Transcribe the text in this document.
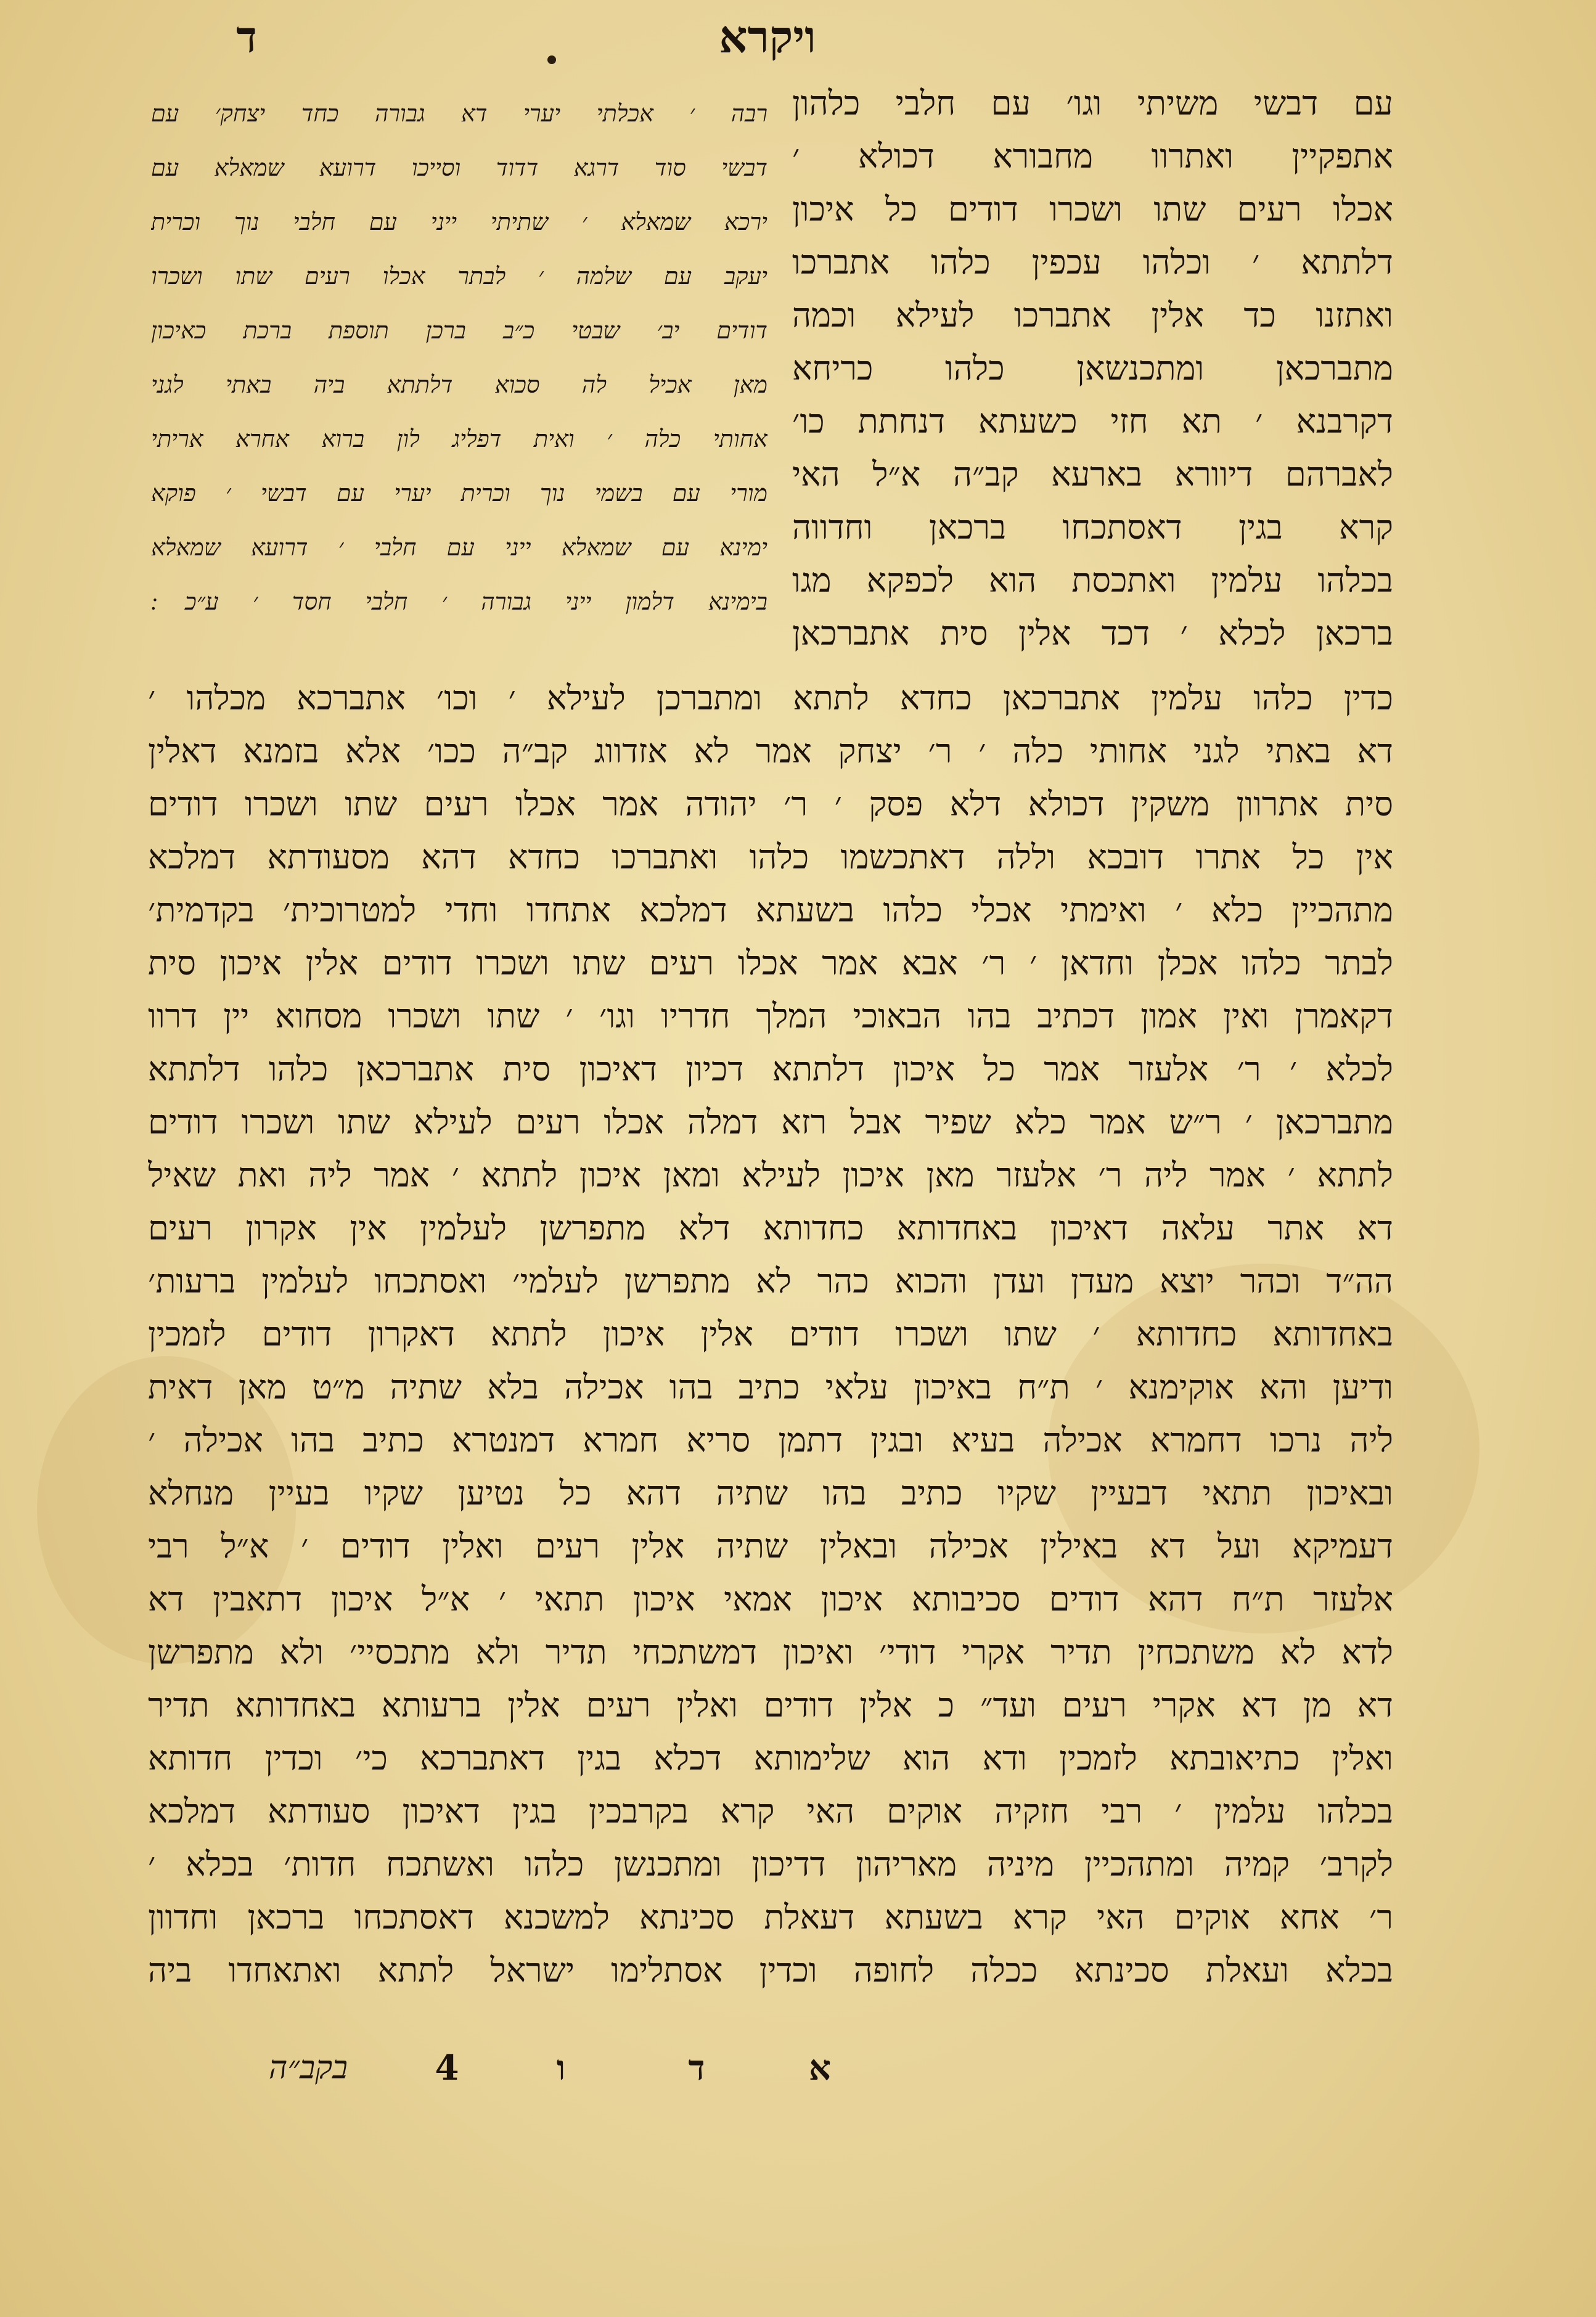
ד	ויקרא
עם דבשי משיתי וגו׳ עם חלבי כלהון
אתפקיין ואתרוו מחבורא דכולא ׳
אכלו רעים שתו ושכרו דודים כל איכון
דלתתא ׳ וכלהו עכפין כלהו אתברכו
ואתזנו כד אלין אתברכו לעילא וכמה
מתברכאן ומתכנשאן כלהו כריחא
דקרבנא ׳ תא חזי כשעתא דנחתת כו׳
לאברהם דיוורא בארעא קב״ה א״ל האי
קרא בגין דאסתכחו ברכאן וחדווה
בכלהו עלמין ואתכסת הוא לכפקא מגו
ברכאן לכלא ׳ דכד אלין סית אתברכאן
רבה ׳ אכלתי יערי דא גבורה כחד יצחק׳ עם
דבשי סוד דרגא דדוד וסייכו דרועא שמאלא עם
ירכא שמאלא ׳ שתיתי ייני עם חלבי נוך וכרית
יעקב עם שלמה ׳ לבתר אכלו רעים שתו ושכרו
דודים יב׳ שבטי כ״ב ברכן תוספת ברכת כאיכון
מאן אכיל לה סכוא דלתתא ביה באתי לגני
אחותי כלה ׳ ואית דפליג לון ברוא אחרא אריתי
מורי עם בשמי נוך וכרית יערי עם דבשי ׳ פוקא
ימינא עם שמאלא ייני עם חלבי ׳ דרועא שמאלא
בימינא דלמון ייני גבורה ׳ חלבי חסד ׳ ע״כ ׃
כדין כלהו עלמין אתברכאן כחדא לתתא ומתברכן לעילא ׳ וכו׳ אתברכא מכלהו ׳
דא באתי לגני אחותי כלה ׳ ר׳ יצחק אמר לא אזדווג קב״ה ככו׳ אלא בזמנא דאלין
סית אתרוון משקין דכולא דלא פסק ׳ ר׳ יהודה אמר אכלו רעים שתו ושכרו דודים
אין כל אתרו דובכא וללה דאתכשמו כלהו ואתברכו כחדא דהא מסעודתא דמלכא
מתהכיין כלא ׳ ואימתי אכלי כלהו בשעתא דמלכא אתחדו וחדי למטרוכית׳ בקדמית׳
לבתר כלהו אכלן וחדאן ׳ ר׳ אבא אמר אכלו רעים שתו ושכרו דודים אלין איכון סית
דקאמרן ואין אמון דכתיב בהו הבאוכי המלך חדריו וגו׳ ׳ שתו ושכרו מסחוא יין דרוו
לכלא ׳ ר׳ אלעזר אמר כל איכון דלתתא דכיון דאיכון סית אתברכאן כלהו דלתתא
מתברכאן ׳ ר״ש אמר כלא שפיר אבל רזא דמלה אכלו רעים לעילא שתו ושכרו דודים
לתתא ׳ אמר ליה ר׳ אלעזר מאן איכון לעילא ומאן איכון לתתא ׳ אמר ליה ואת שאיל
דא אתר עלאה דאיכון באחדותא כחדותא דלא מתפרשן לעלמין אין אקרון רעים
הה״ד וכהר יוצא מעדן ועדן והכוא כהר לא מתפרשן לעלמי׳ ואסתכחו לעלמין ברעות׳
באחדותא כחדותא ׳ שתו ושכרו דודים אלין איכון לתתא דאקרון דודים לזמכין
ודיען והא אוקימנא ׳ ת״ח באיכון עלאי כתיב בהו אכילה בלא שתיה מ״ט מאן דאית
ליה נרכו דחמרא אכילה בעיא ובגין דתמן סריא חמרא דמנטרא כתיב בהו אכילה ׳
ובאיכון תתאי דבעיין שקיו כתיב בהו שתיה דהא כל נטיען שקיו בעיין מנחלא
דעמיקא ועל דא באילין אכילה ובאלין שתיה אלין רעים ואלין דודים ׳ א״ל רבי
אלעזר ת״ח דהא דודים סכיבותא איכון אמאי איכון תתאי ׳ א״ל איכון דתאבין דא
לדא לא משתכחין תדיר אקרי דודי׳ ואיכון דמשתכחי תדיר ולא מתכסיי׳ ולא מתפרשן
דא מן דא אקרי רעים ועד״ כ אלין דודים ואלין רעים אלין ברעותא באחדותא תדיר
ואלין כתיאובתא לזמכין ודא הוא שלימותא דכלא בגין דאתברכא כי׳ וכדין חדותא
בכלהו עלמין ׳ רבי חזקיה אוקים האי קרא בקרבכין בגין דאיכון סעודתא דמלכא
לקרב׳ קמיה ומתהכיין מיניה מאריהון דדיכון ומתכנשן כלהו ואשתכח חדות׳ בכלא ׳
ר׳ אחא אוקים האי קרא בשעתא דעאלת סכינתא למשכנא דאסתכחו ברכאן וחדוון
בכלא ועאלת סכינתא ככלה לחופה וכדין אסתלימו ישראל לתתא ואתאחדו ביה
בקב״ה	א
ד
ו
4
